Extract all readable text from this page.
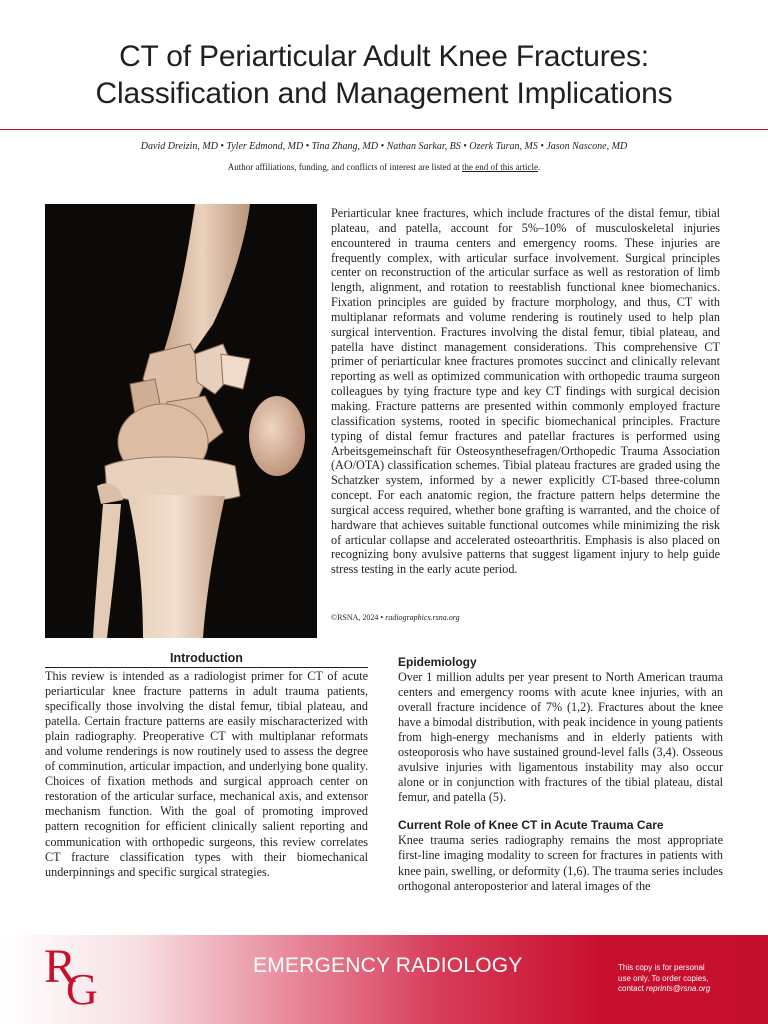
CT of Periarticular Adult Knee Fractures:
Classification and Management Implications

David Dreizin, MD • Tyler Edmond, MD • Tina Zhang, MD • Nathan Sarkar, BS • Ozerk Turan, MS • Jason Nascone, MD

Author affiliations, funding, and conflicts of interest are listed at the end of this article.

Periarticular knee fractures, which include fractures of the distal femur, tibial plateau, and patella, account for 5%–10% of musculoskeletal injuries encountered in trauma centers and emergency rooms. These injuries are frequently complex, with articular surface involvement. Surgical principles center on reconstruction of the articular surface as well as restoration of limb length, alignment, and rotation to reestablish functional knee biomechanics. Fixation principles are guided by fracture morphology, and thus, CT with multiplanar reformats and volume rendering is routinely used to help plan surgical intervention. Fractures involving the distal femur, tibial plateau, and patella have distinct management considerations. This comprehensive CT primer of periarticular knee fractures promotes succinct and clinically relevant reporting as well as optimized communication with orthopedic trauma surgeon colleagues by tying fracture type and key CT findings with surgical decision making. Fracture patterns are presented within commonly employed fracture classification systems, rooted in specific biomechanical principles. Fracture typing of distal femur fractures and patellar fractures is performed using Arbeitsgemeinschaft für Osteosynthesefragen/Orthopedic Trauma Association (AO/OTA) classification schemes. Tibial plateau fractures are graded using the Schatzker system, informed by a newer explicitly CT-based three-column concept. For each anatomic region, the fracture pattern helps determine the surgical access required, whether bone grafting is warranted, and the choice of hardware that achieves suitable functional outcomes while minimizing the risk of articular collapse and accelerated osteoarthritis. Emphasis is also placed on recognizing bony avulsive patterns that suggest ligament injury to help guide stress testing in the early acute period.

©RSNA, 2024 • radiographics.rsna.org

Introduction

This review is intended as a radiologist primer for CT of acute periarticular knee fracture patterns in adult trauma patients, specifically those involving the distal femur, tibial plateau, and patella. Certain fracture patterns are easily mischaracterized with plain radiography. Preoperative CT with multiplanar reformats and volume renderings is now routinely used to assess the degree of comminution, articular impaction, and underlying bone quality. Choices of fixation methods and surgical approach center on restoration of the articular surface, mechanical axis, and extensor mechanism function. With the goal of promoting improved pattern recognition for efficient clinically salient reporting and communication with orthopedic surgeons, this review correlates CT fracture classification types with their biomechanical underpinnings and specific surgical strategies.

Epidemiology

Over 1 million adults per year present to North American trauma centers and emergency rooms with acute knee injuries, with an overall fracture incidence of 7% (1,2). Fractures about the knee have a bimodal distribution, with peak incidence in young patients from high-energy mechanisms and in elderly patients with osteoporosis who have sustained ground-level falls (3,4). Osseous avulsive injuries with ligamentous instability may also occur alone or in conjunction with fractures of the tibial plateau, distal femur, and patella (5).

Current Role of Knee CT in Acute Trauma Care

Knee trauma series radiography remains the most appropriate first-line imaging modality to screen for fractures in patients with knee pain, swelling, or deformity (1,6). The trauma series includes orthogonal anteroposterior and lateral images of the

R
G	EMERGENCY RADIOLOGY	This copy is for personal
use only. To order copies,
contact reprints@rsna.org
